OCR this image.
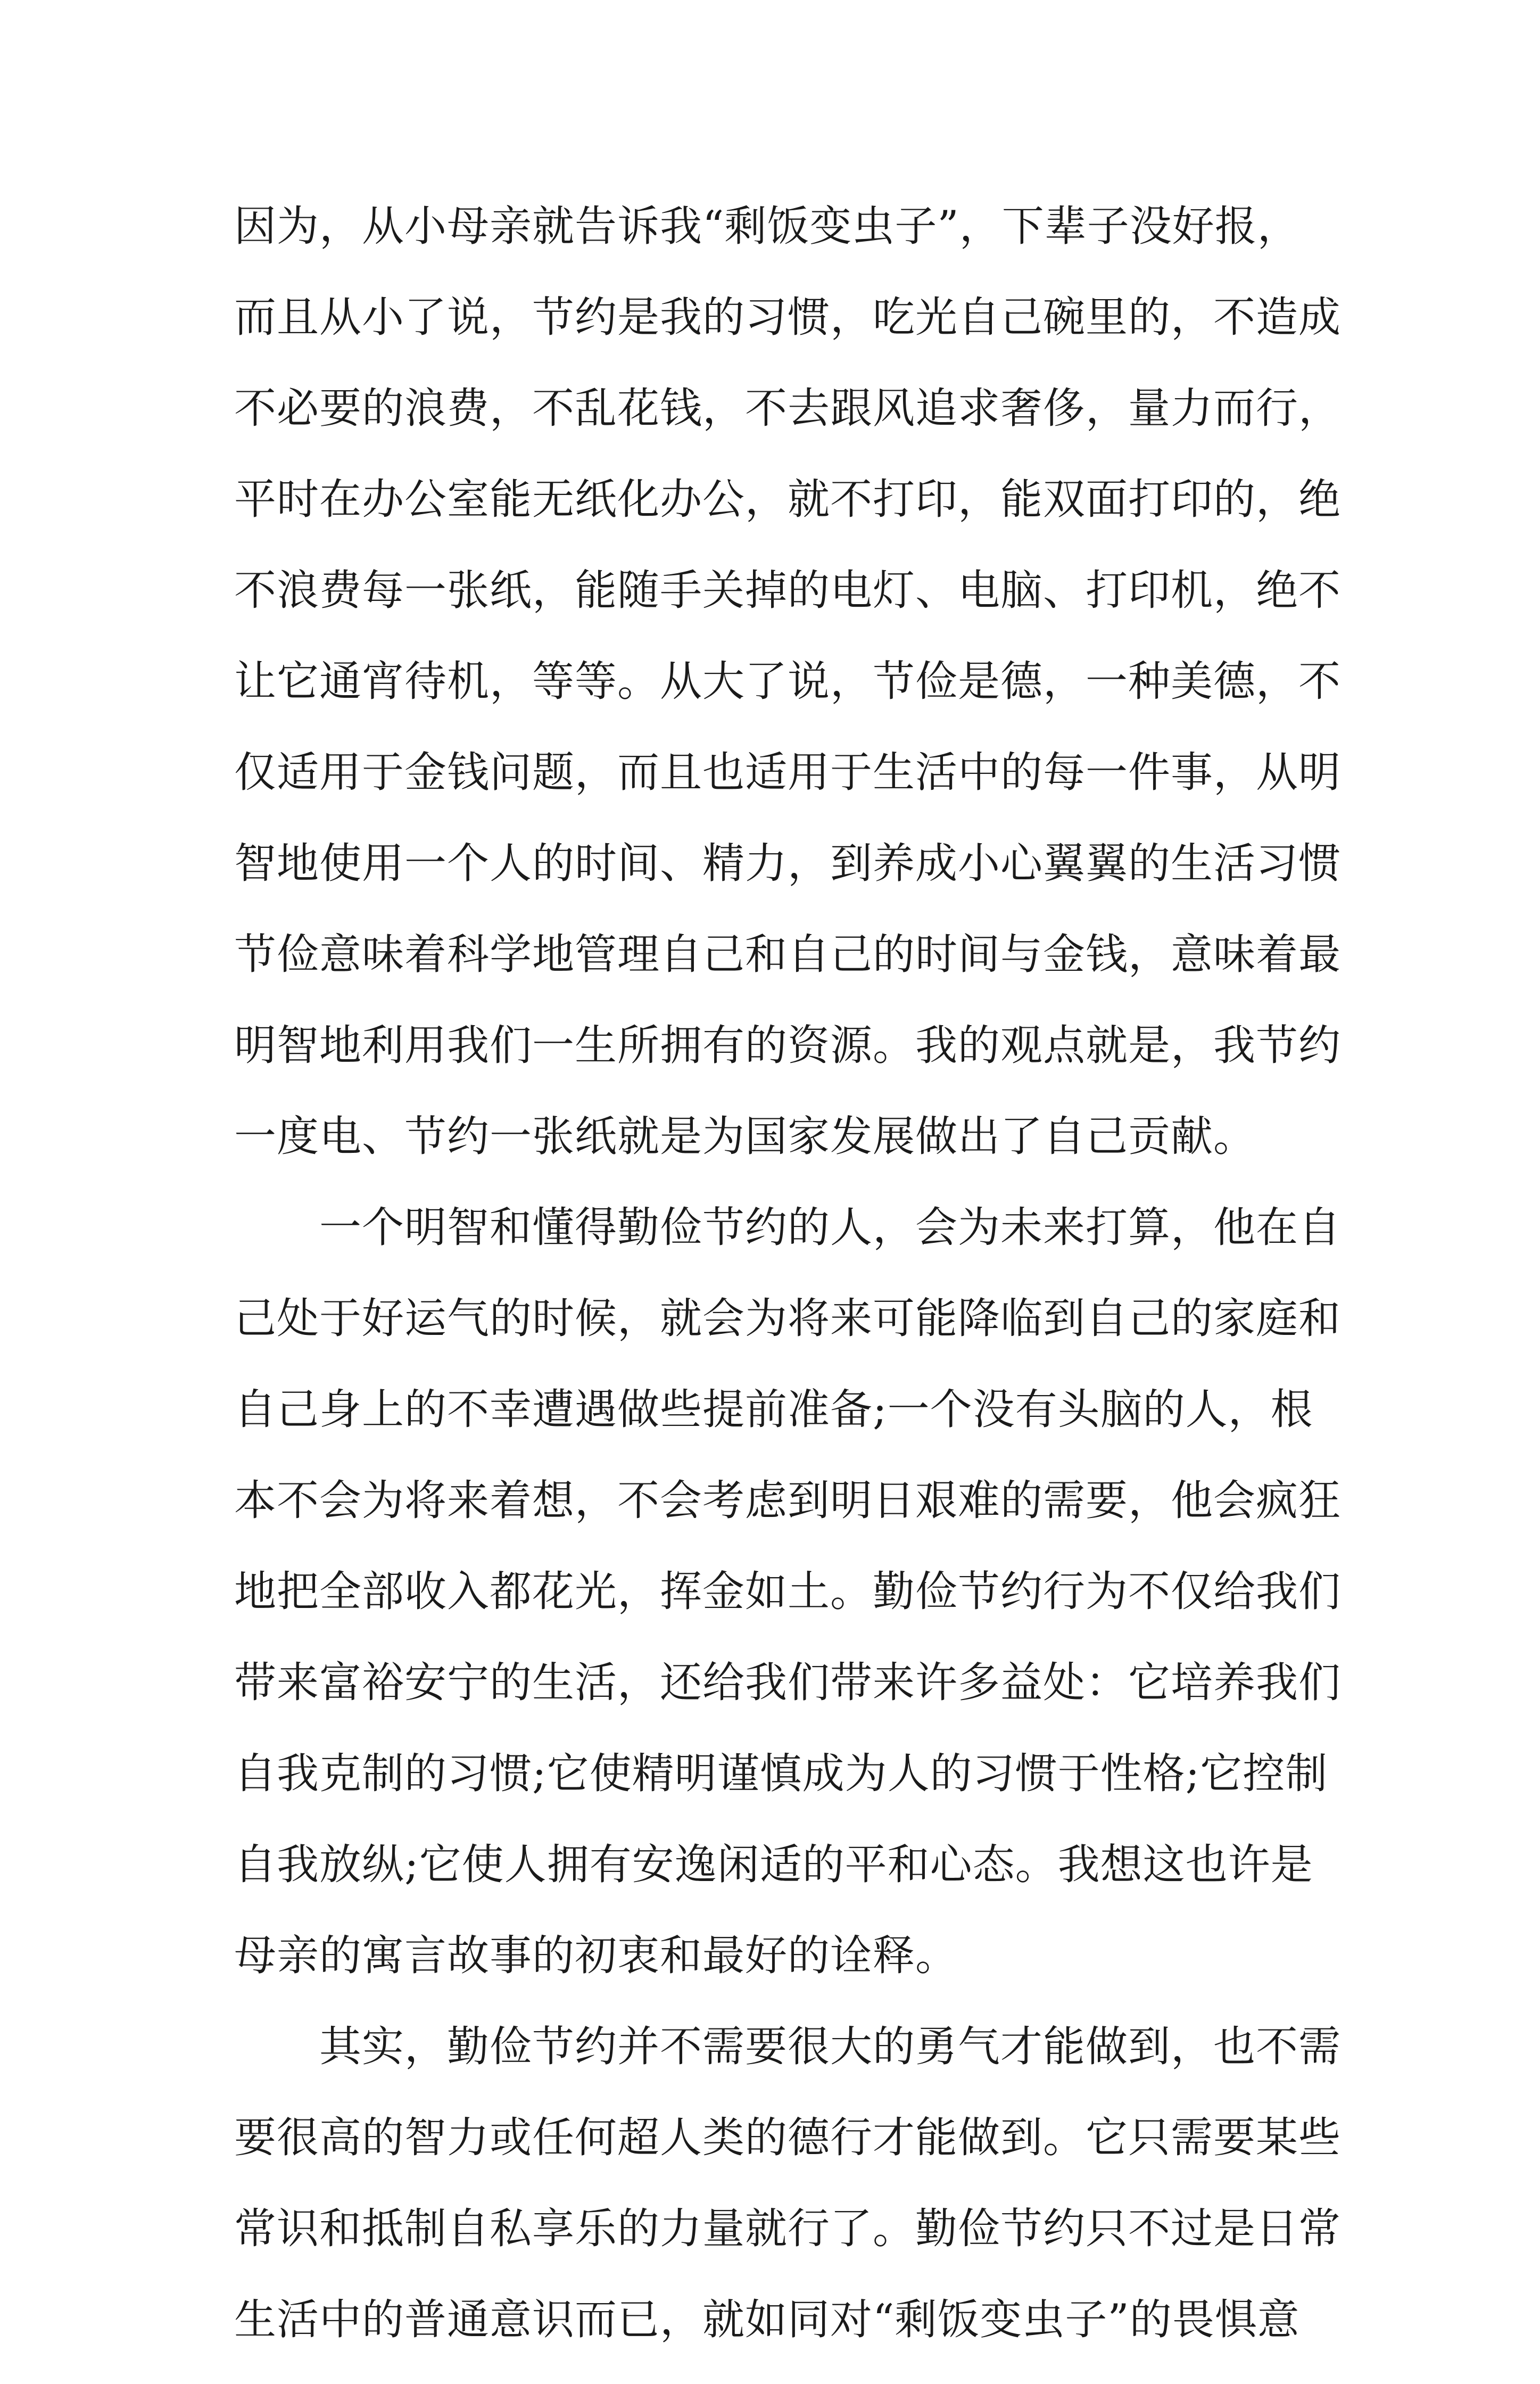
因为，从小母亲就告诉我“剩饭变虫子”，下辈子没好报，
而且从小了说，节约是我的习惯，吃光自己碗里的，不造成
不必要的浪费，不乱花钱，不去跟风追求奢侈，量力而行，
平时在办公室能无纸化办公，就不打印，能双面打印的，绝
不浪费每一张纸，能随手关掉的电灯、电脑、打印机，绝不
让它通宵待机，等等。从大了说，节俭是德，一种美德，不
仅适用于金钱问题，而且也适用于生活中的每一件事，从明
智地使用一个人的时间、精力，到养成小心翼翼的生活习惯
节俭意味着科学地管理自己和自己的时间与金钱，意味着最
明智地利用我们一生所拥有的资源。我的观点就是，我节约
一度电、节约一张纸就是为国家发展做出了自己贡献。
　　一个明智和懂得勤俭节约的人，会为未来打算，他在自
己处于好运气的时候，就会为将来可能降临到自己的家庭和
自己身上的不幸遭遇做些提前准备;一个没有头脑的人，根
本不会为将来着想，不会考虑到明日艰难的需要，他会疯狂
地把全部收入都花光，挥金如土。勤俭节约行为不仅给我们
带来富裕安宁的生活，还给我们带来许多益处：它培养我们
自我克制的习惯;它使精明谨慎成为人的习惯于性格;它控制
自我放纵;它使人拥有安逸闲适的平和心态。我想这也许是
母亲的寓言故事的初衷和最好的诠释。
　　其实，勤俭节约并不需要很大的勇气才能做到，也不需
要很高的智力或任何超人类的德行才能做到。它只需要某些
常识和抵制自私享乐的力量就行了。勤俭节约只不过是日常
生活中的普通意识而已，就如同对“剩饭变虫子”的畏惧意
